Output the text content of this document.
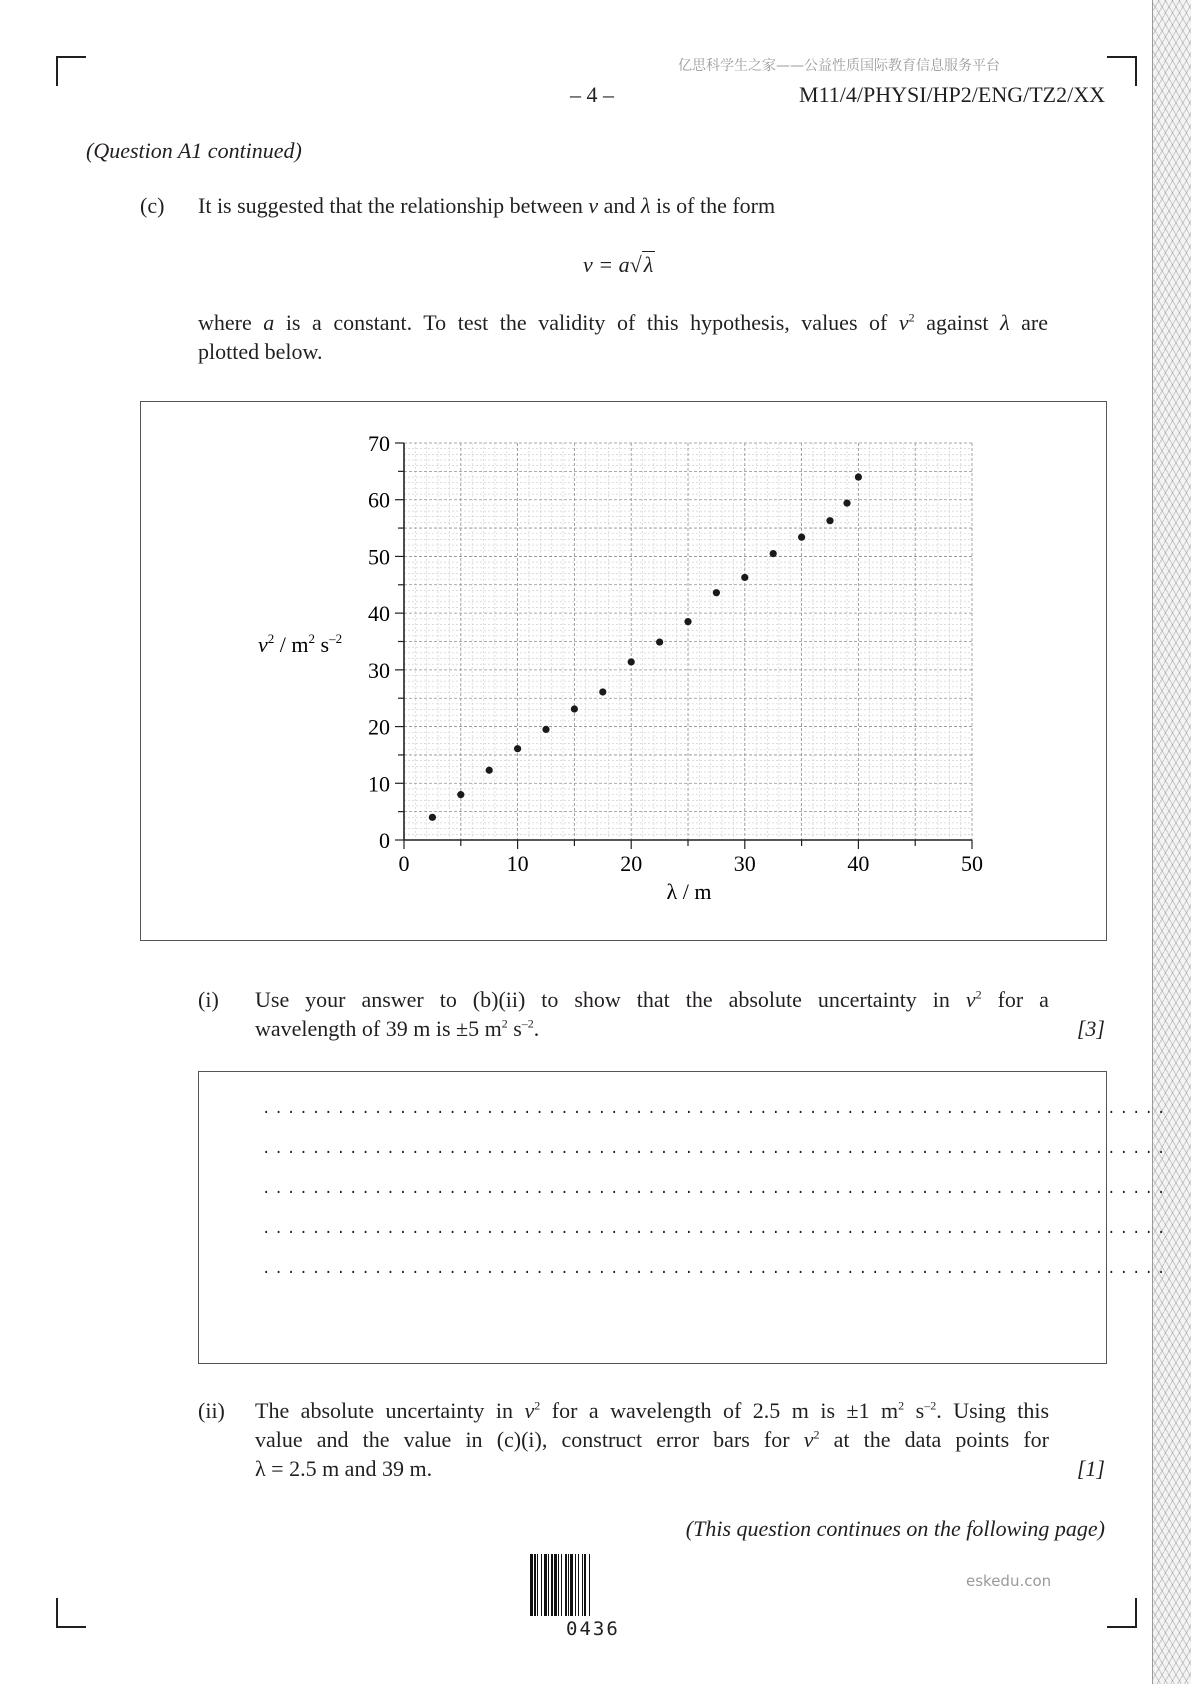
亿思科学生之家——公益性质国际教育信息服务平台
– 4 –	M11/4/PHYSI/HP2/ENG/TZ2/XX
(Question A1 continued)
(c) It is suggested that the relationship between v and λ is of the form
v = a√λ
where a is a constant. To test the validity of this hypothesis, values of $v^2$ against λ are
plotted below.
0	10	20	30	40	50
0
10
20
30
40
50
60
70
λ / m
$v^2 / m^2$ $s^{-2}$
(i) Use your answer to (b)(ii) to show that the absolute uncertainty in $v^2$ for a
wavelength of 39 m is ±5 $m^2$ $s^{-2}$.	[3]
.........................................................................
.........................................................................
.........................................................................
.........................................................................
.........................................................................
(ii) The absolute uncertainty in $v^2$ for a wavelength of 2.5 m is ±1 $m^2$ $s^{-2}$. Using this
value and the value in (c)(i), construct error bars for $v^2$ at the data points for
λ = 2.5 m and 39 m.	[1]
(This question continues on the following page)
0436
eskedu.con
